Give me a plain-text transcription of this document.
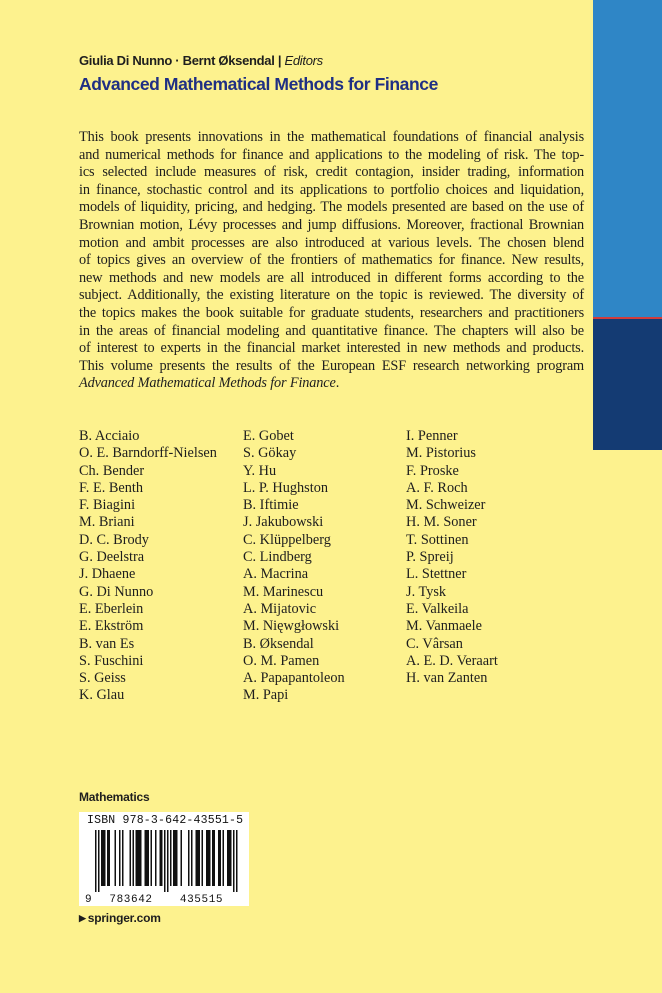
Giulia Di Nunno · Bernt Øksendal | Editors
Advanced Mathematical Methods for Finance
This book presents innovations in the mathematical foundations of financial analysis
and numerical methods for finance and applications to the modeling of risk. The top-
ics selected include measures of risk, credit contagion, insider trading, information
in finance, stochastic control and its applications to portfolio choices and liquidation,
models of liquidity, pricing, and hedging. The models presented are based on the use of
Brownian motion, Lévy processes and jump diffusions. Moreover, fractional Brownian
motion and ambit processes are also introduced at various levels. The chosen blend
of topics gives an overview of the frontiers of mathematics for finance. New results,
new methods and new models are all introduced in different forms according to the
subject. Additionally, the existing literature on the topic is reviewed. The diversity of
the topics makes the book suitable for graduate students, researchers and practitioners
in the areas of financial modeling and quantitative finance. The chapters will also be
of interest to experts in the financial market interested in new methods and products.
This volume presents the results of the European ESF research networking program
Advanced Mathematical Methods for Finance.
B. Acciaio
O. E. Barndorff-Nielsen
Ch. Bender
F. E. Benth
F. Biagini
M. Briani
D. C. Brody
G. Deelstra
J. Dhaene
G. Di Nunno
E. Eberlein
E. Ekström
B. van Es
S. Fuschini
S. Geiss
K. Glau
E. Gobet
S. Gökay
Y. Hu
L. P. Hughston
B. Iftimie
J. Jakubowski
C. Klüppelberg
C. Lindberg
A. Macrina
M. Marinescu
A. Mijatovic
M. Nięwgłowski
B. Øksendal
O. M. Pamen
A. Papapantoleon
M. Papi
I. Penner
M. Pistorius
F. Proske
A. F. Roch
M. Schweizer
H. M. Soner
T. Sottinen
P. Spreij
L. Stettner
J. Tysk
E. Valkeila
M. Vanmaele
C. Vârsan
A. E. D. Veraart
H. van Zanten
Mathematics
9 783642 435515
ISBN 978-3-642-43551-5
▶ springer.com
